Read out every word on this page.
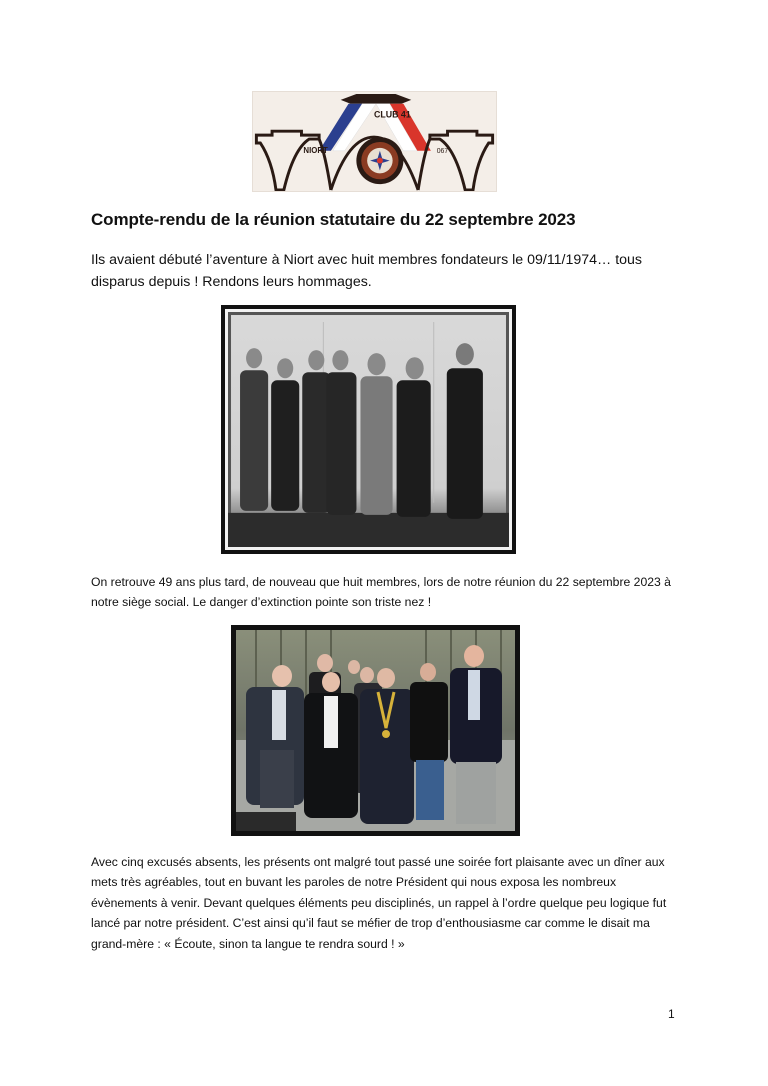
CLUB 41
NIORT	067
Compte-rendu de la réunion statutaire du 22 septembre 2023

Ils avaient débuté l’aventure à Niort avec huit membres fondateurs le 09/11/1974… tous disparus depuis ! Rendons leurs hommages.

On retrouve 49 ans plus tard, de nouveau que huit membres, lors de notre réunion du 22 septembre 2023 à notre siège social. Le danger d’extinction pointe son triste nez !

Avec cinq excusés absents, les présents ont malgré tout passé une soirée fort plaisante avec un dîner aux mets très agréables, tout en buvant les paroles de notre Président qui nous exposa les nombreux évènements à venir. Devant quelques éléments peu disciplinés, un rappel à l’ordre quelque peu logique fut lancé par notre président. C’est ainsi qu’il faut se méfier de trop d’enthousiasme car comme le disait ma grand-mère : « Écoute, sinon ta langue te rendra sourd ! »

1
